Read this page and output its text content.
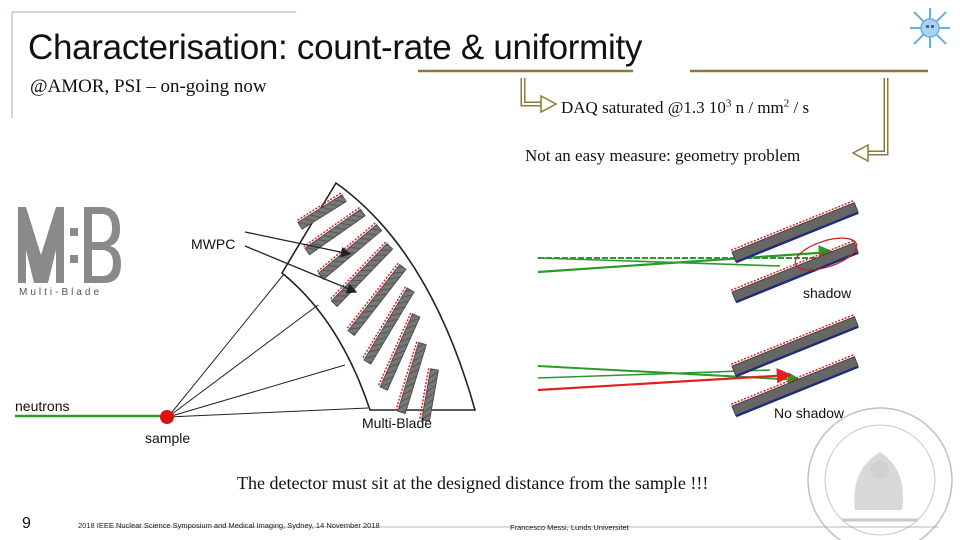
Characterisation: count-rate & uniformity
@AMOR, PSI – on-going now
DAQ saturated @1.3 $10^3$ n / $mm^2$ / s
Not an easy measure: geometry problem
Multi-Blade
MWPC
shadow
No shadow
neutrons
sample
Multi-Blade
The detector must sit at the designed distance from the sample !!!
9	2018 IEEE Nuclear Science Symposium and Medical Imaging, Sydney, 14 November 2018	Francesco Messi, Lunds Universitet
